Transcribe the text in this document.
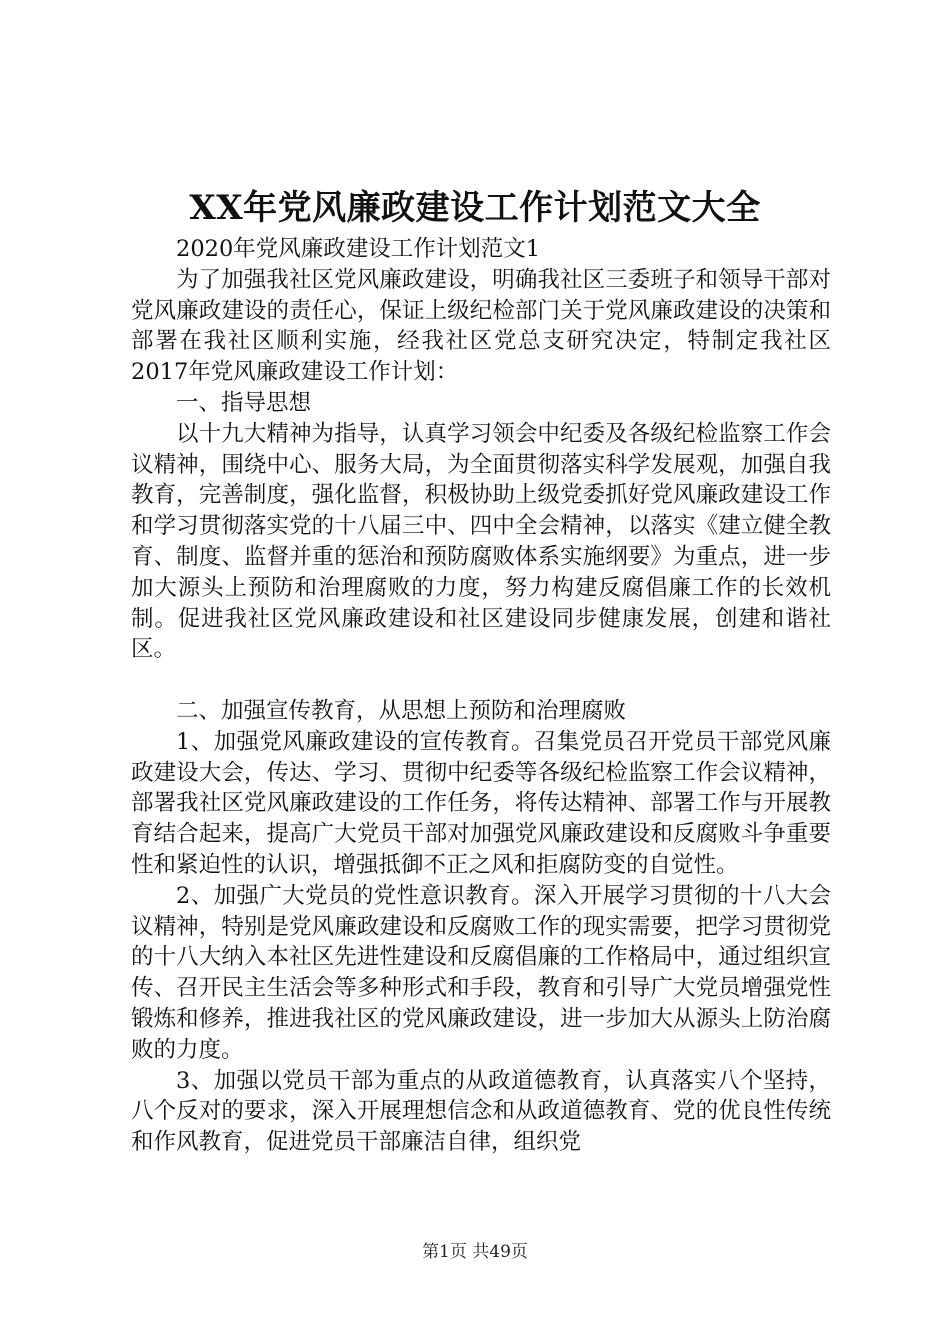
XX年党风廉政建设工作计划范文大全

2020年党风廉政建设工作计划范文1

为了加强我社区党风廉政建设，明确我社区三委班子和领导干部对党风廉政建设的责任心，保证上级纪检部门关于党风廉政建设的决策和部署在我社区顺利实施，经我社区党总支研究决定，特制定我社区2017年党风廉政建设工作计划：

一、指导思想

以十九大精神为指导，认真学习领会中纪委及各级纪检监察工作会议精神，围绕中心、服务大局，为全面贯彻落实科学发展观，加强自我教育，完善制度，强化监督，积极协助上级党委抓好党风廉政建设工作和学习贯彻落实党的十八届三中、四中全会精神，以落实《建立健全教育、制度、监督并重的惩治和预防腐败体系实施纲要》为重点，进一步加大源头上预防和治理腐败的力度，努力构建反腐倡廉工作的长效机制。促进我社区党风廉政建设和社区建设同步健康发展，创建和谐社区。

二、加强宣传教育，从思想上预防和治理腐败

1、加强党风廉政建设的宣传教育。召集党员召开党员干部党风廉政建设大会，传达、学习、贯彻中纪委等各级纪检监察工作会议精神，部署我社区党风廉政建设的工作任务，将传达精神、部署工作与开展教育结合起来，提高广大党员干部对加强党风廉政建设和反腐败斗争重要性和紧迫性的认识，增强抵御不正之风和拒腐防变的自觉性。

2、加强广大党员的党性意识教育。深入开展学习贯彻的十八大会议精神，特别是党风廉政建设和反腐败工作的现实需要，把学习贯彻党的十八大纳入本社区先进性建设和反腐倡廉的工作格局中，通过组织宣传、召开民主生活会等多种形式和手段，教育和引导广大党员增强党性锻炼和修养，推进我社区的党风廉政建设，进一步加大从源头上防治腐败的力度。

3、加强以党员干部为重点的从政道德教育，认真落实八个坚持，八个反对的要求，深入开展理想信念和从政道德教育、党的优良性传统和作风教育，促进党员干部廉洁自律，组织党

第1页 共49页
